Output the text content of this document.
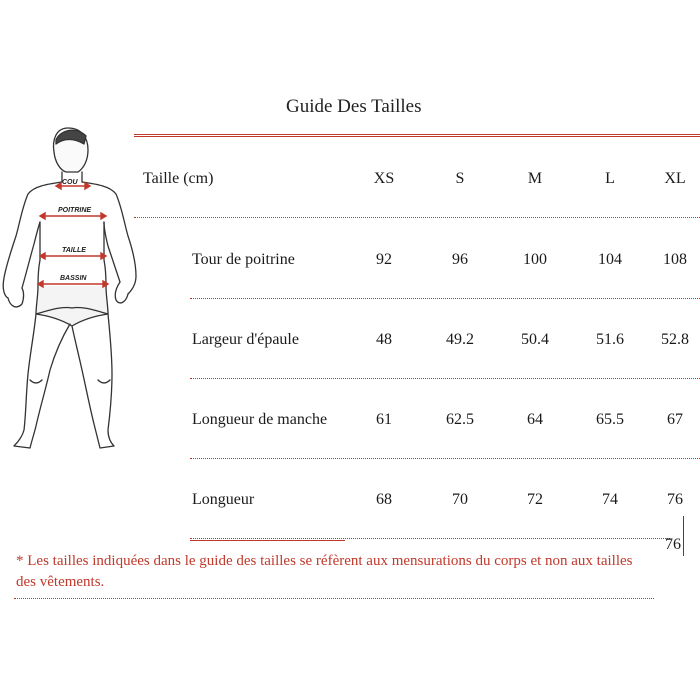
Guide Des Tailles
COU
POITRINE
TAILLE
BASSIN
Taille (cm)	XS	S	M	L	XL
Tour de poitrine	92	96	100	104	108
Largeur d'épaule	48	49.2	50.4	51.6	52.8
Longueur de manche	61	62.5	64	65.5	67
Longueur	68	70	72	74	76
76
* Les tailles indiquées dans le guide des tailles se réfèrent aux mensurations du corps et non aux tailles des vêtements.
